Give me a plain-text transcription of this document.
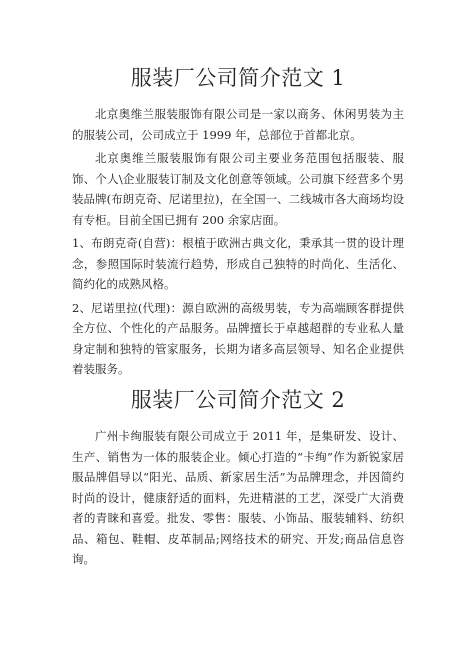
服装厂公司简介范文 1

北京奥维兰服装服饰有限公司是一家以商务、休闲男装为主的服装公司，公司成立于 1999 年，总部位于首都北京。

北京奥维兰服装服饰有限公司主要业务范围包括服装、服饰、个人\企业服装订制及文化创意等领域。公司旗下经营多个男装品牌(布朗克奇、尼诺里拉)，在全国一、二线城市各大商场均设有专柜。目前全国已拥有 200 余家店面。

1、布朗克奇(自营)：根植于欧洲古典文化，秉承其一贯的设计理念，参照国际时装流行趋势，形成自己独特的时尚化、生活化、简约化的成熟风格。

2、尼诺里拉(代理)：源自欧洲的高级男装，专为高端顾客群提供全方位、个性化的产品服务。品牌擅长于卓越超群的专业私人量身定制和独特的管家服务，长期为诸多高层领导、知名企业提供着装服务。

服装厂公司简介范文 2

广州卡绚服装有限公司成立于 2011 年，是集研发、设计、生产、销售为一体的服装企业。倾心打造的“卡绚”作为新锐家居服品牌倡导以“阳光、品质、新家居生活”为品牌理念，并因简约时尚的设计，健康舒适的面料，先进精湛的工艺，深受广大消费者的青睐和喜爱。批发、零售：服装、小饰品、服装辅料、纺织品、箱包、鞋帽、皮革制品;网络技术的研究、开发;商品信息咨询。
